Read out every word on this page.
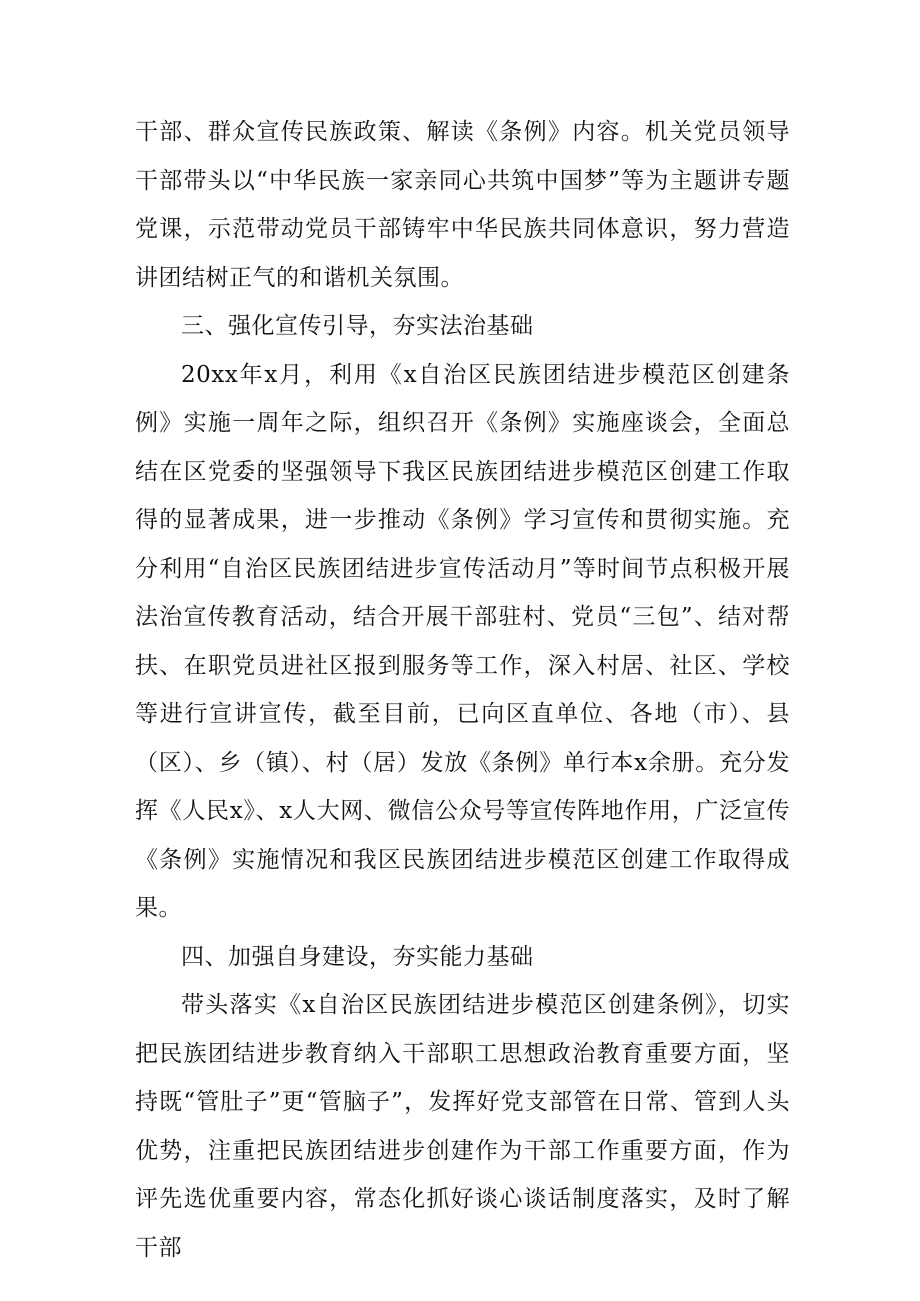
干部、群众宣传民族政策、解读《条例》内容。机关党员领导干部带头以“中华民族一家亲同心共筑中国梦”等为主题讲专题党课，示范带动党员干部铸牢中华民族共同体意识，努力营造讲团结树正气的和谐机关氛围。

三、强化宣传引导，夯实法治基础

20xx年x月，利用《x自治区民族团结进步模范区创建条例》实施一周年之际，组织召开《条例》实施座谈会，全面总结在区党委的坚强领导下我区民族团结进步模范区创建工作取得的显著成果，进一步推动《条例》学习宣传和贯彻实施。充分利用“自治区民族团结进步宣传活动月”等时间节点积极开展法治宣传教育活动，结合开展干部驻村、党员“三包”、结对帮扶、在职党员进社区报到服务等工作，深入村居、社区、学校等进行宣讲宣传，截至目前，已向区直单位、各地（市）、县（区）、乡（镇）、村（居）发放《条例》单行本x余册。充分发挥《人民x》、x人大网、微信公众号等宣传阵地作用，广泛宣传《条例》实施情况和我区民族团结进步模范区创建工作取得成果。

四、加强自身建设，夯实能力基础

带头落实《x自治区民族团结进步模范区创建条例》，切实把民族团结进步教育纳入干部职工思想政治教育重要方面，坚持既“管肚子”更“管脑子”，发挥好党支部管在日常、管到人头优势，注重把民族团结进步创建作为干部工作重要方面，作为评先选优重要内容，常态化抓好谈心谈话制度落实，及时了解干部
